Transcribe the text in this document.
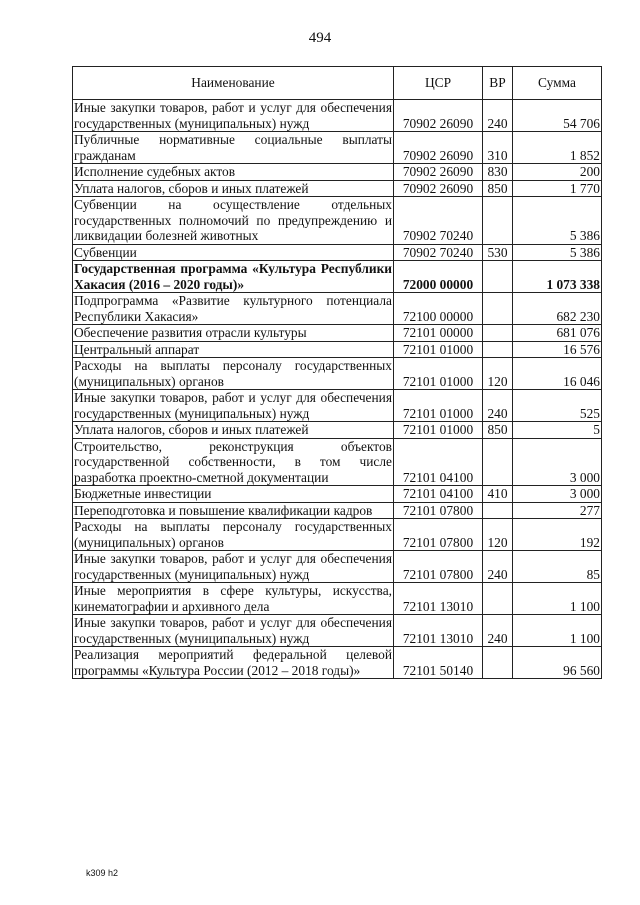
494
Наименование	ЦСР	ВР	Сумма
Иные закупки товаров, работ и услуг для обеспечения государственных (муниципальных) нужд	70902 26090	240	54 706
Публичные нормативные социальные выплаты гражданам	70902 26090	310	1 852
Исполнение судебных актов	70902 26090	830	200
Уплата налогов, сборов и иных платежей	70902 26090	850	1 770
Субвенции на осуществление отдельных государственных полномочий по предупреждению и ликвидации болезней животных	70902 70240		5 386
Субвенции	70902 70240	530	5 386
Государственная программа «Культура Республики Хакасия (2016 – 2020 годы)»	72000 00000		1 073 338
Подпрограмма «Развитие культурного потенциала Республики Хакасия»	72100 00000		682 230
Обеспечение развития отрасли культуры	72101 00000		681 076
Центральный аппарат	72101 01000		16 576
Расходы на выплаты персоналу государственных (муниципальных) органов	72101 01000	120	16 046
Иные закупки товаров, работ и услуг для обеспечения государственных (муниципальных) нужд	72101 01000	240	525
Уплата налогов, сборов и иных платежей	72101 01000	850	5
Строительство, реконструкция объектов государственной собственности, в том числе разработка проектно-сметной документации	72101 04100		3 000
Бюджетные инвестиции	72101 04100	410	3 000
Переподготовка и повышение квалификации кадров	72101 07800		277
Расходы на выплаты персоналу государственных (муниципальных) органов	72101 07800	120	192
Иные закупки товаров, работ и услуг для обеспечения государственных (муниципальных) нужд	72101 07800	240	85
Иные мероприятия в сфере культуры, искусства, кинематографии и архивного дела	72101 13010		1 100
Иные закупки товаров, работ и услуг для обеспечения государственных (муниципальных) нужд	72101 13010	240	1 100
Реализация мероприятий федеральной целевой программы «Культура России (2012 – 2018 годы)»	72101 50140		96 560
k309 h2
